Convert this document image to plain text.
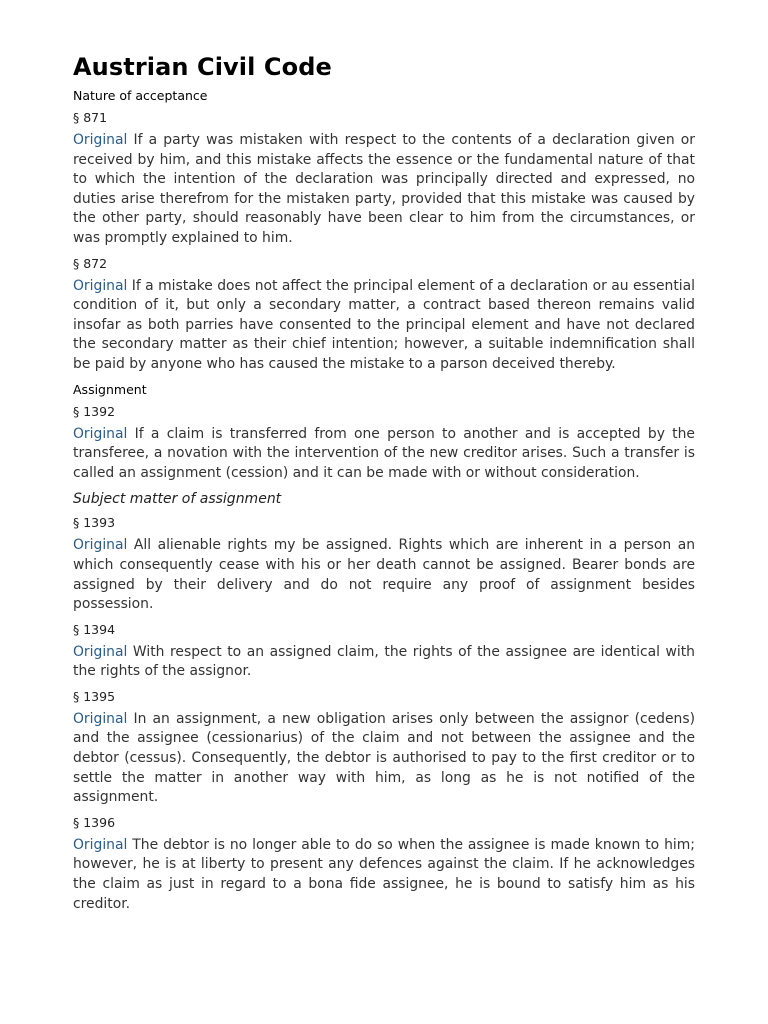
Austrian Civil Code
Nature of acceptance
§ 871

Original If a party was mistaken with respect to the contents of a declaration given or received by him, and this mistake affects the essence or the fundamental nature of that to which the intention of the declaration was principally directed and expressed, no duties arise therefrom for the mistaken party, provided that this mistake was caused by the other party, should reasonably have been clear to him from the circumstances, or was promptly explained to him.

§ 872

Original If a mistake does not affect the principal element of a declaration or au essential condition of it, but only a secondary matter, a contract based thereon remains valid insofar as both parries have consented to the principal element and have not declared the secondary matter as their chief intention; however, a suitable indemnification shall be paid by anyone who has caused the mistake to a parson deceived thereby.

Assignment
§ 1392

Original If a claim is transferred from one person to another and is accepted by the transferee, a novation with the intervention of the new creditor arises. Such a transfer is called an assignment (cession) and it can be made with or without consideration.

Subject matter of assignment
§ 1393

Original All alienable rights my be assigned. Rights which are inherent in a person an which consequently cease with his or her death cannot be assigned. Bearer bonds are assigned by their delivery and do not require any proof of assignment besides possession.

§ 1394

Original With respect to an assigned claim, the rights of the assignee are identical with the rights of the assignor.

§ 1395

Original In an assignment, a new obligation arises only between the assignor (cedens) and the assignee (cessionarius) of the claim and not between the assignee and the debtor (cessus). Consequently, the debtor is authorised to pay to the first creditor or to settle the matter in another way with him, as long as he is not notified of the assignment.

§ 1396

Original The debtor is no longer able to do so when the assignee is made known to him; however, he is at liberty to present any defences against the claim. If he acknowledges the claim as just in regard to a bona fide assignee, he is bound to satisfy him as his creditor.
